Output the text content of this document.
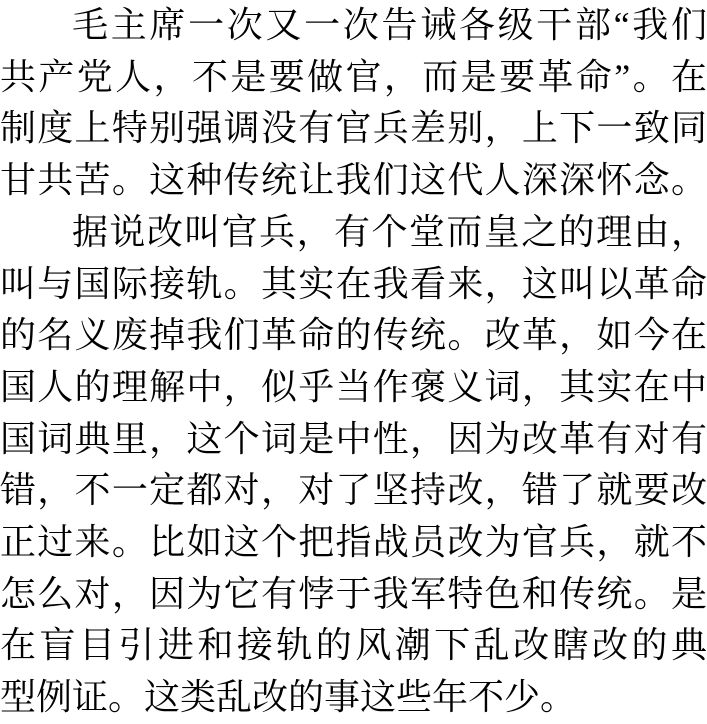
毛主席一次又一次告诫各级干部“我们
共产党人，不是要做官，而是要革命”。在
制度上特别强调没有官兵差别，上下一致同
甘共苦。这种传统让我们这代人深深怀念。
据说改叫官兵，有个堂而皇之的理由，
叫与国际接轨。其实在我看来，这叫以革命
的名义废掉我们革命的传统。改革，如今在
国人的理解中，似乎当作褒义词，其实在中
国词典里，这个词是中性，因为改革有对有
错，不一定都对，对了坚持改，错了就要改
正过来。比如这个把指战员改为官兵，就不
怎么对，因为它有悖于我军特色和传统。是
在盲目引进和接轨的风潮下乱改瞎改的典
型例证。这类乱改的事这些年不少。
